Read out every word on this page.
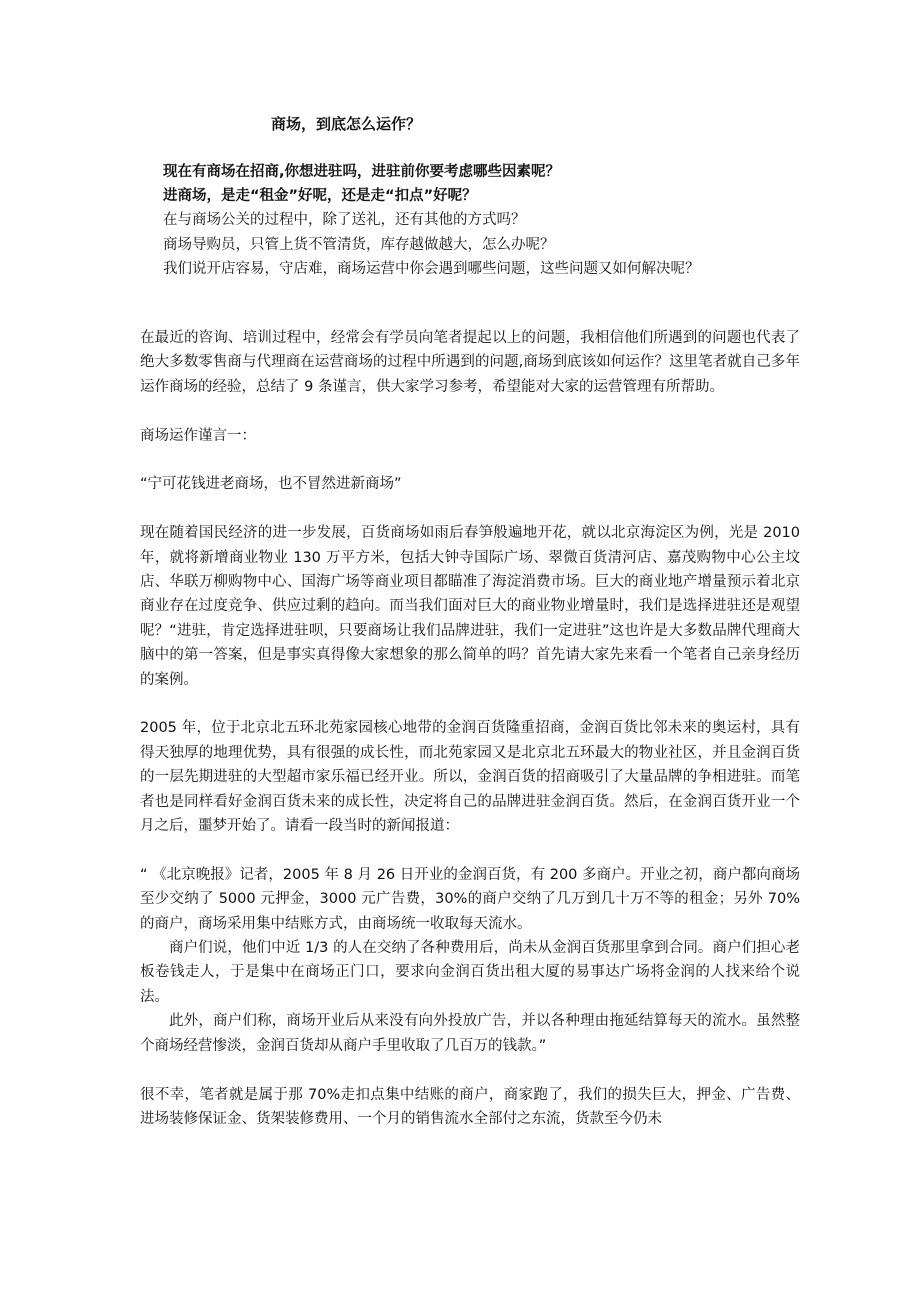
商场，到底怎么运作？
现在有商场在招商,你想进驻吗，进驻前你要考虑哪些因素呢？
进商场，是走“租金”好呢，还是走“扣点”好呢？
在与商场公关的过程中，除了送礼，还有其他的方式吗？
商场导购员，只管上货不管清货，库存越做越大，怎么办呢？
我们说开店容易，守店难，商场运营中你会遇到哪些问题，这些问题又如何解决呢？

在最近的咨询、培训过程中，经常会有学员向笔者提起以上的问题，我相信他们所遇到的问题也代表了绝大多数零售商与代理商在运营商场的过程中所遇到的问题,商场到底该如何运作？这里笔者就自己多年运作商场的经验，总结了 9 条谨言，供大家学习参考，希望能对大家的运营管理有所帮助。

商场运作谨言一：

“宁可花钱进老商场，也不冒然进新商场”

现在随着国民经济的进一步发展，百货商场如雨后春笋般遍地开花，就以北京海淀区为例，光是 2010 年，就将新增商业物业 130 万平方米，包括大钟寺国际广场、翠微百货清河店、嘉茂购物中心公主坟店、华联万柳购物中心、国海广场等商业项目都瞄准了海淀消费市场。巨大的商业地产增量预示着北京商业存在过度竞争、供应过剩的趋向。而当我们面对巨大的商业物业增量时，我们是选择进驻还是观望呢？“进驻，肯定选择进驻呗，只要商场让我们品牌进驻，我们一定进驻”这也许是大多数品牌代理商大脑中的第一答案，但是事实真得像大家想象的那么简单的吗？首先请大家先来看一个笔者自己亲身经历的案例。

2005 年，位于北京北五环北苑家园核心地带的金润百货隆重招商，金润百货比邻未来的奥运村，具有得天独厚的地理优势，具有很强的成长性，而北苑家园又是北京北五环最大的物业社区，并且金润百货的一层先期进驻的大型超市家乐福已经开业。所以，金润百货的招商吸引了大量品牌的争相进驻。而笔者也是同样看好金润百货未来的成长性，决定将自己的品牌进驻金润百货。然后，在金润百货开业一个月之后，噩梦开始了。请看一段当时的新闻报道：

“ 《北京晚报》记者，2005 年 8 月 26 日开业的金润百货，有 200 多商户。开业之初，商户都向商场至少交纳了 5000 元押金，3000 元广告费，30%的商户交纳了几万到几十万不等的租金；另外 70%的商户，商场采用集中结账方式，由商场统一收取每天流水。

商户们说，他们中近 1/3 的人在交纳了各种费用后，尚未从金润百货那里拿到合同。商户们担心老板卷钱走人，于是集中在商场正门口，要求向金润百货出租大厦的易事达广场将金润的人找来给个说法。

此外，商户们称，商场开业后从来没有向外投放广告，并以各种理由拖延结算每天的流水。虽然整个商场经营惨淡，金润百货却从商户手里收取了几百万的钱款。”

很不幸，笔者就是属于那 70%走扣点集中结账的商户，商家跑了，我们的损失巨大，押金、广告费、进场装修保证金、货架装修费用、一个月的销售流水全部付之东流，货款至今仍未
